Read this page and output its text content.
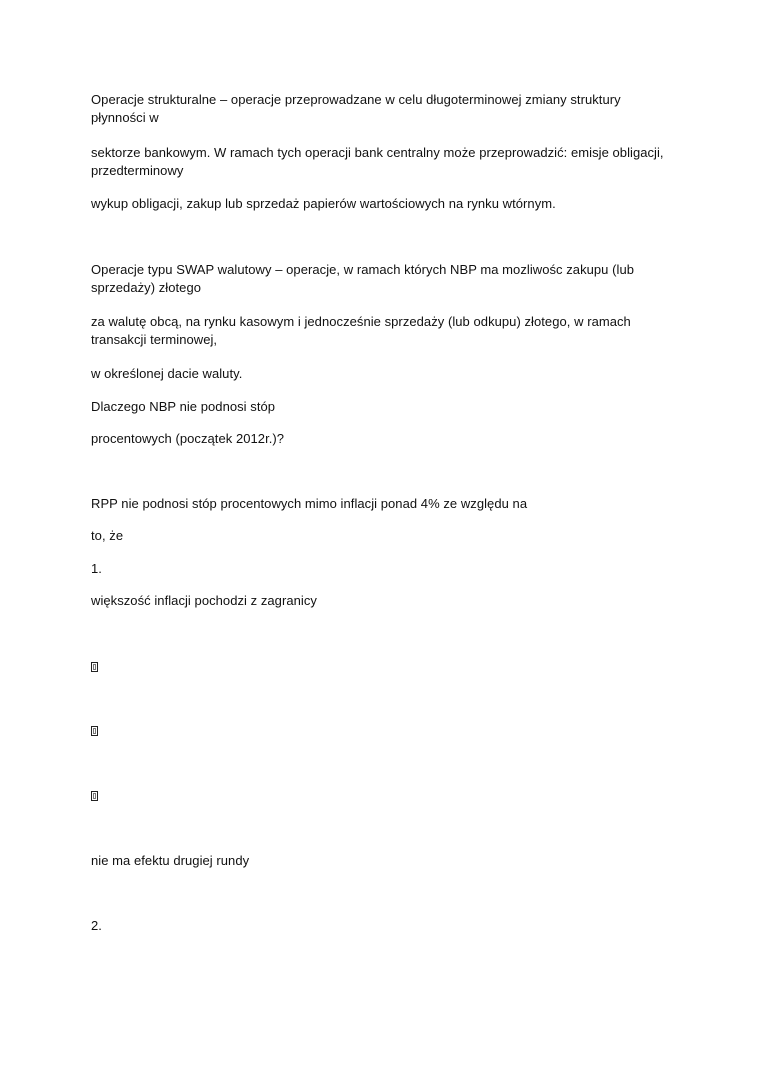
Operacje strukturalne – operacje przeprowadzane w celu długoterminowej zmiany struktury płynności w
sektorze bankowym. W ramach tych operacji bank centralny może przeprowadzić: emisje obligacji, przedterminowy
wykup obligacji, zakup lub sprzedaż papierów wartościowych na rynku wtórnym.
Operacje typu SWAP walutowy – operacje, w ramach których NBP ma mozliwośc zakupu (lub sprzedaży) złotego
za walutę obcą, na rynku kasowym i jednocześnie sprzedaży (lub odkupu) złotego, w ramach transakcji terminowej,
w określonej dacie waluty.
Dlaczego NBP nie podnosi stóp
procentowych (początek 2012r.)?
RPP nie podnosi stóp procentowych mimo inflacji ponad 4% ze względu na
to, że
1.
większość inflacji pochodzi z zagranicy
nie ma efektu drugiej rundy
2.
